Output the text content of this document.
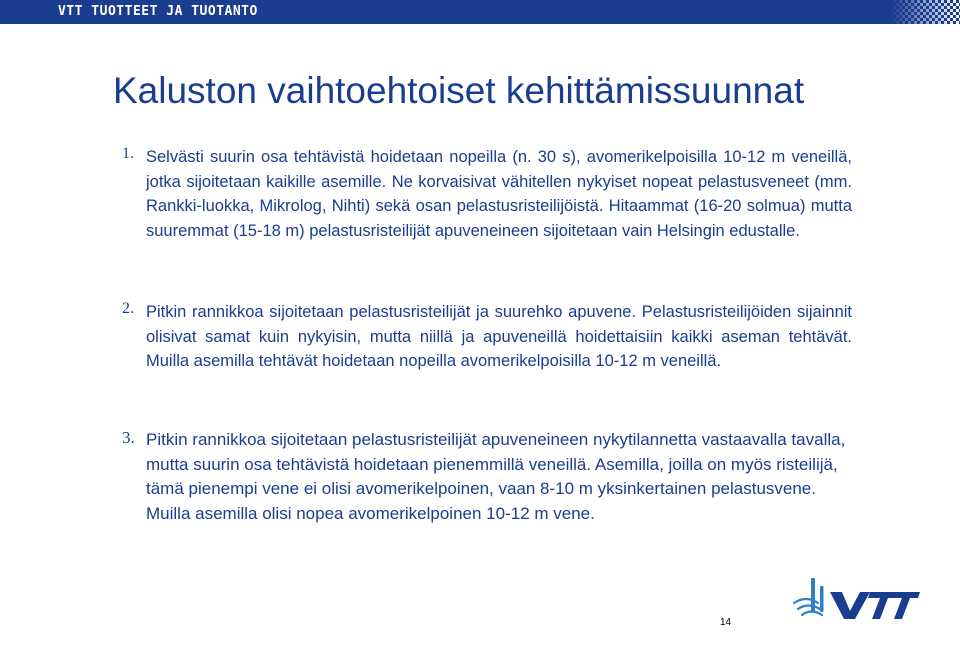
VTT TUOTTEET JA TUOTANTO
Kaluston vaihtoehtoiset kehittämissuunnat
1. Selvästi suurin osa tehtävistä hoidetaan nopeilla (n. 30 s), avomerikelpoisilla 10-12 m veneillä, jotka sijoitetaan kaikille asemille. Ne korvaisivat vähitellen nykyiset nopeat pelastusveneet (mm. Rankki-luokka, Mikrolog, Nihti) sekä osan pelastusristeilijöistä. Hitaammat (16-20 solmua) mutta suuremmat (15-18 m) pelastusristeilijät apuveneineen sijoitetaan vain Helsingin edustalle.

2. Pitkin rannikkoa sijoitetaan pelastusristeilijät ja suurehko apuvene. Pelastusristeilijöiden sijainnit olisivat samat kuin nykyisin, mutta niillä ja apuveneillä hoidettaisiin kaikki aseman tehtävät. Muilla asemilla tehtävät hoidetaan nopeilla avomerikelpoisilla 10-12 m veneillä.

3. Pitkin rannikkoa sijoitetaan pelastusristeilijät apuveneineen nykytilannetta vastaavalla tavalla, mutta suurin osa tehtävistä hoidetaan pienemmillä veneillä. Asemilla, joilla on myös risteilijä, tämä pienempi vene ei olisi avomerikelpoinen, vaan 8-10 m yksinkertainen pelastusvene. Muilla asemilla olisi nopea avomerikelpoinen 10-12 m vene.

14
